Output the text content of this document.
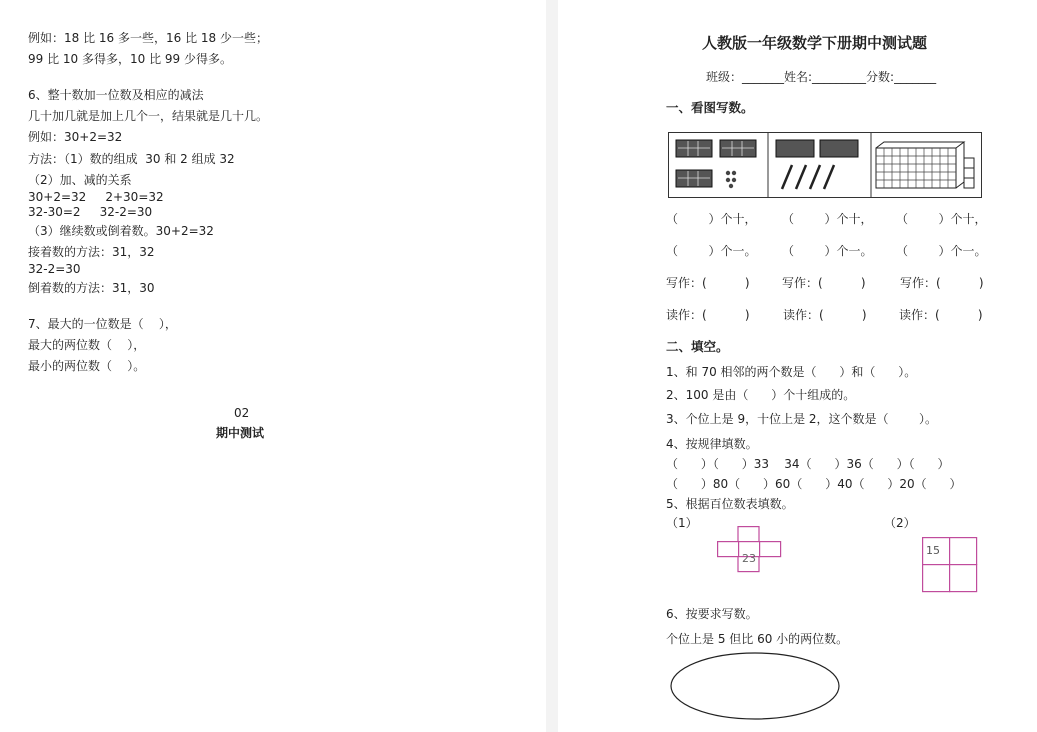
例如：18 比 16 多一些，16 比 18 少一些；
99 比 10 多得多，10 比 99 少得多。
6、整十数加一位数及相应的减法
几十加几就是加上几个一，结果就是几十几。
例如：30+2=32
方法：（1）数的组成  30 和 2 组成 32
（2）加、减的关系
30+2=32     2+30=32
32-30=2     32-2=30
（3）继续数或倒着数。30+2=32
接着数的方法：31，32
32-2=30
倒着数的方法：31，30
7、最大的一位数是（    ），
最大的两位数（    ），
最小的两位数（    ）。
02
期中测试
人教版一年级数学下册期中测试题
班级：_______姓名:_________分数:_______
一、看图写数。
（        ）个十， （        ）个十， （        ）个十，
（        ）个一。 （        ）个一。 （        ）个一。
写作：(          )	写作：(          )	写作：(          )
读作：(          )	读作：(          )	读作：(          )
二、填空。
1、和 70 相邻的两个数是（      ）和（      ）。
2、100 是由（      ）个十组成的。
3、个位上是 9，十位上是 2，这个数是（        ）。
4、按规律填数。
（      ）（      ）33    34（      ）36（      ）（      ）
（      ）80（      ）60（      ）40（      ）20（      ）
5、根据百位数表填数。
（1）	（2）
23
15
6、按要求写数。
个位上是 5 但比 60 小的两位数。
